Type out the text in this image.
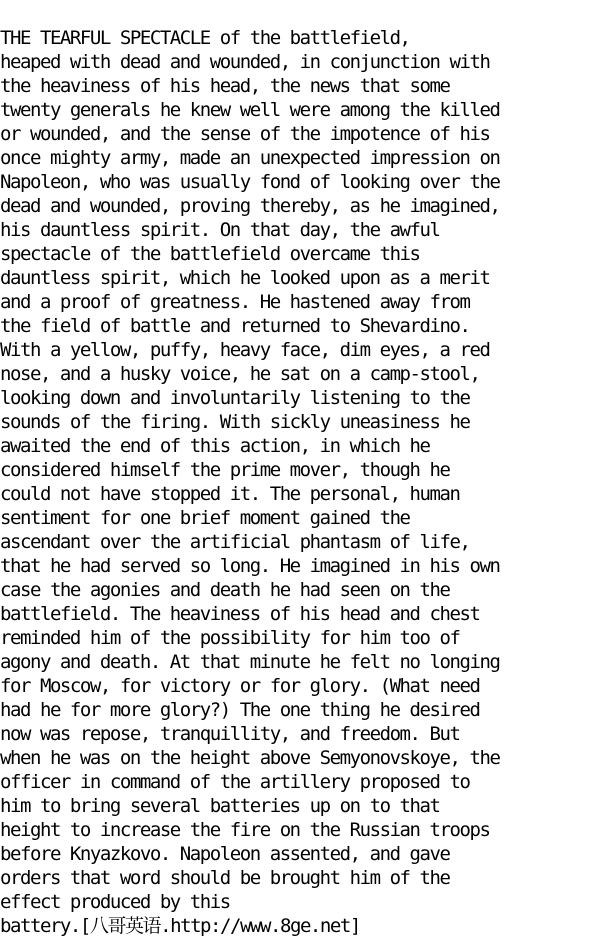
THE TEARFUL SPECTACLE of the battlefield,
heaped with dead and wounded, in conjunction with
the heaviness of his head, the news that some
twenty generals he knew well were among the killed
or wounded, and the sense of the impotence of his
once mighty army, made an unexpected impression on
Napoleon, who was usually fond of looking over the
dead and wounded, proving thereby, as he imagined,
his dauntless spirit. On that day, the awful
spectacle of the battlefield overcame this
dauntless spirit, which he looked upon as a merit
and a proof of greatness. He hastened away from
the field of battle and returned to Shevardino.
With a yellow, puffy, heavy face, dim eyes, a red
nose, and a husky voice, he sat on a camp-stool,
looking down and involuntarily listening to the
sounds of the firing. With sickly uneasiness he
awaited the end of this action, in which he
considered himself the prime mover, though he
could not have stopped it. The personal, human
sentiment for one brief moment gained the
ascendant over the artificial phantasm of life,
that he had served so long. He imagined in his own
case the agonies and death he had seen on the
battlefield. The heaviness of his head and chest
reminded him of the possibility for him too of
agony and death. At that minute he felt no longing
for Moscow, for victory or for glory. (What need
had he for more glory?) The one thing he desired
now was repose, tranquillity, and freedom. But
when he was on the height above Semyonovskoye, the
officer in command of the artillery proposed to
him to bring several batteries up on to that
height to increase the fire on the Russian troops
before Knyazkovo. Napoleon assented, and gave
orders that word should be brought him of the
effect produced by this
battery.[八哥英语.http://www.8ge.net]
